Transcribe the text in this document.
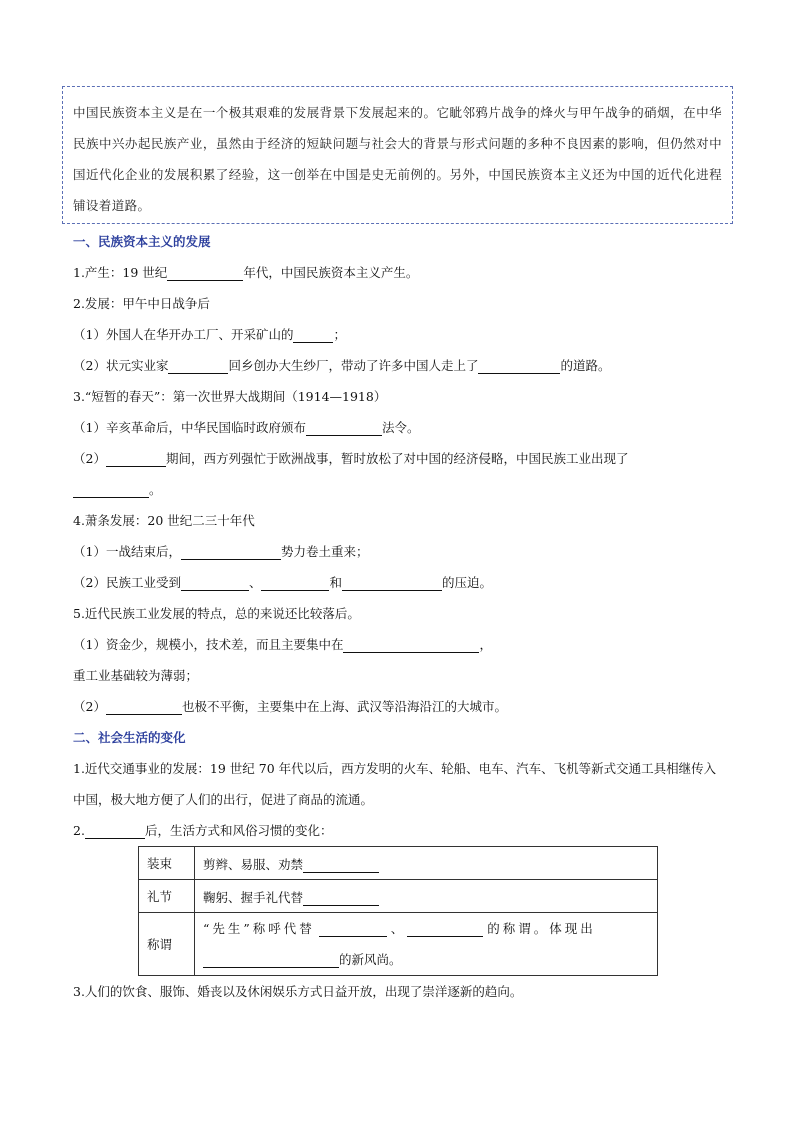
中国民族资本主义是在一个极其艰难的发展背景下发展起来的。它眦邻鸦片战争的烽火与甲午战争的硝烟，在中华民族中兴办起民族产业，虽然由于经济的短缺问题与社会大的背景与形式问题的多种不良因素的影响，但仍然对中国近代化企业的发展积累了经验，这一创举在中国是史无前例的。另外，中国民族资本主义还为中国的近代化进程铺设着道路。
一、民族资本主义的发展
1.产生：19 世纪	年代，中国民族资本主义产生。
2.发展：甲午中日战争后
（1）外国人在华开办工厂、开采矿山的	；
（2）状元实业家	回乡创办大生纱厂，带动了许多中国人走上了	的道路。
3.“短暂的春天”：第一次世界大战期间（1914—1918）
（1）辛亥革命后，中华民国临时政府颁布	法令。
（2）	期间，西方列强忙于欧洲战事，暂时放松了对中国的经济侵略，中国民族工业出现了
。
4.萧条发展：20 世纪二三十年代
（1）一战结束后，	势力卷土重来；
（2）民族工业受到	、	和	的压迫。
5.近代民族工业发展的特点，总的来说还比较落后。
（1）资金少，规模小，技术差，而且主要集中在	，
重工业基础较为薄弱；
（2）	也极不平衡，主要集中在上海、武汉等沿海沿江的大城市。
二、社会生活的变化
1.近代交通事业的发展：19 世纪 70 年代以后，西方发明的火车、轮船、电车、汽车、飞机等新式交通工具相继传入中国，极大地方便了人们的出行，促进了商品的流通。
2.	后，生活方式和风俗习惯的变化：
装束	剪辫、易服、劝禁
礼节	鞠躬、握手礼代替
称谓	“先生”称呼代替 、 的称谓。体现出
的新风尚。
3.人们的饮食、服饰、婚丧以及休闲娱乐方式日益开放，出现了崇洋逐新的趋向。
